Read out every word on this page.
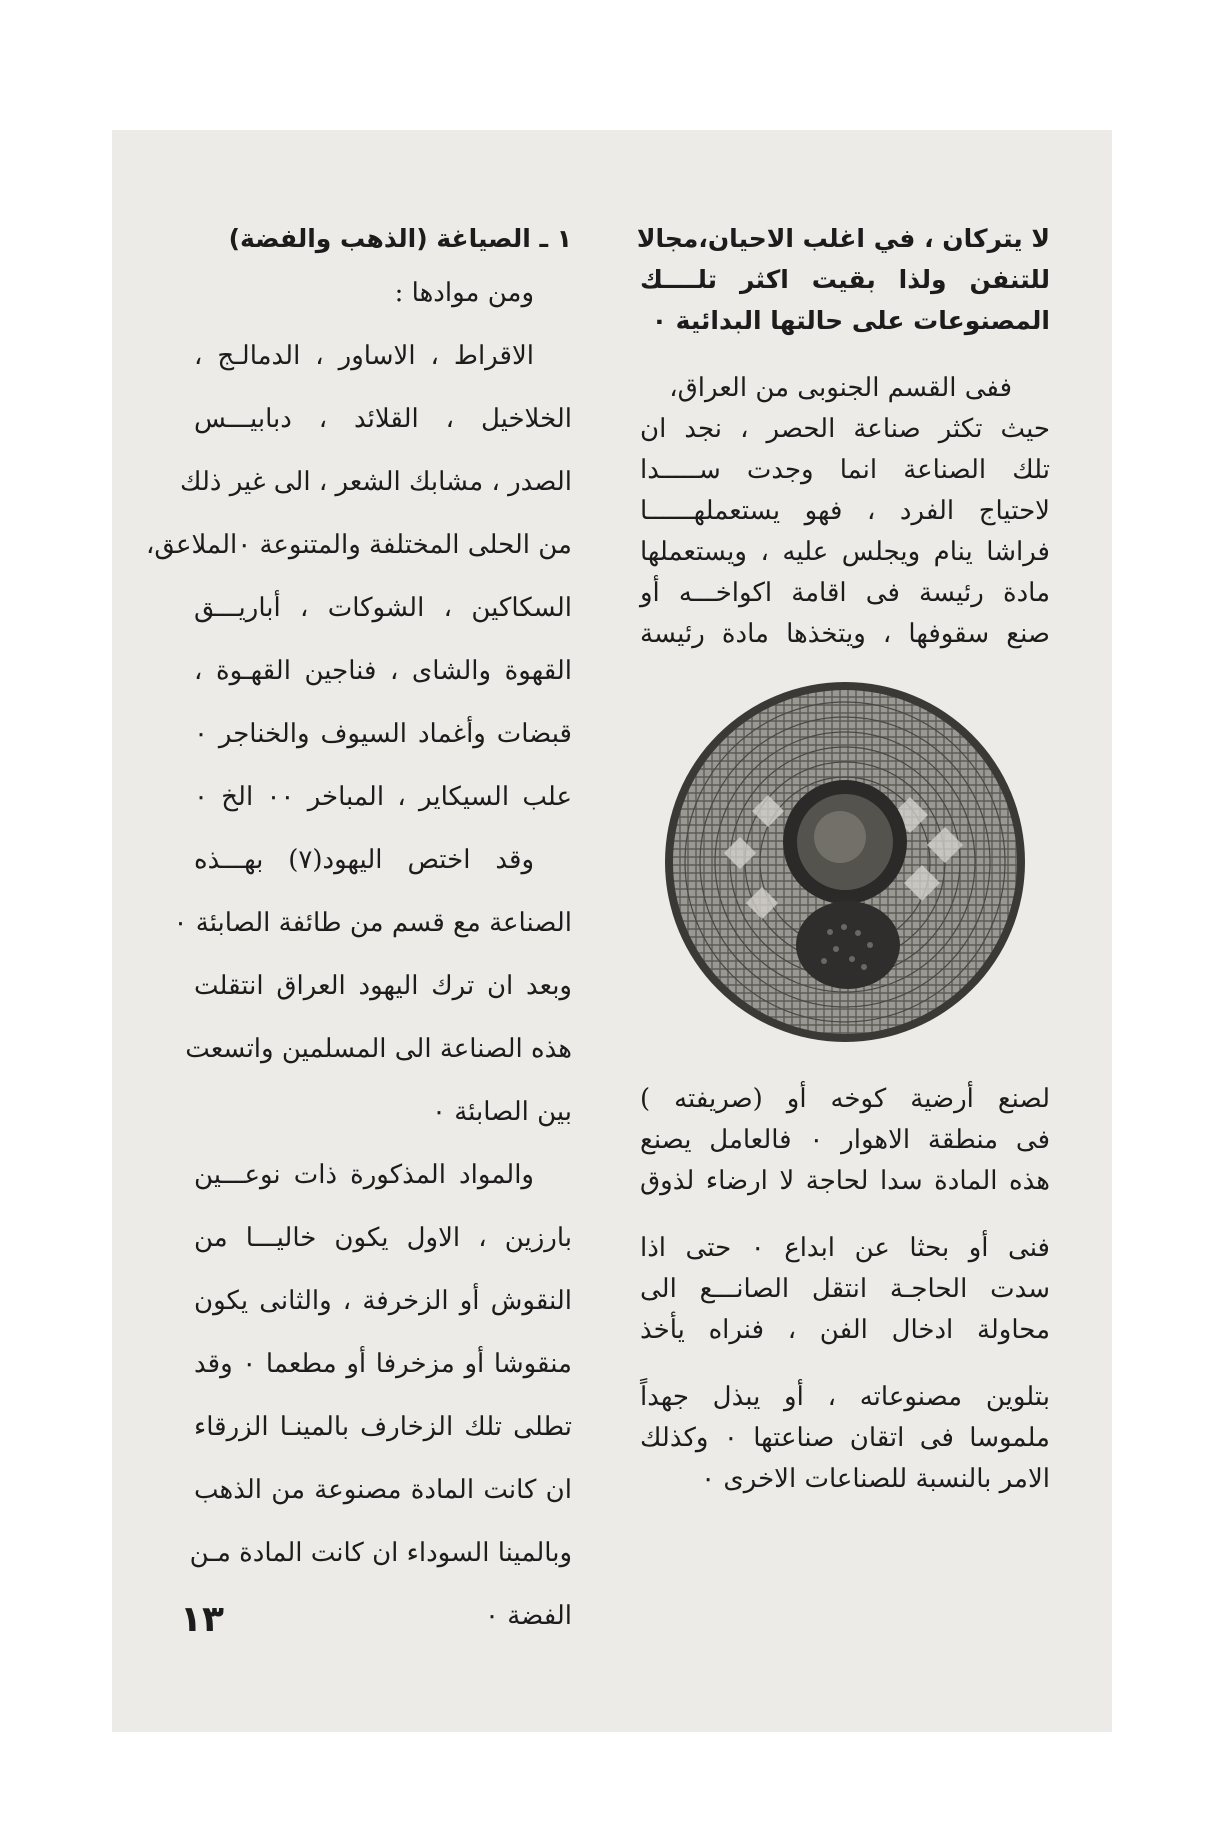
لا يتركان ، في اغلب الاحيان،مجالا
للتنفن ولذا بقيت اكثر تلــــك
المصنوعات على حالتها البدائية ٠
ففى القسم الجنوبى من العراق،
حيث تكثر صناعة الحصر ، نجد ان
تلك الصناعة انما وجدت ســـــدا
لاحتياج الفرد ، فهو يستعملهــــــا
فراشا ينام ويجلس عليه ، ويستعملها
مادة رئيسة فى اقامة اكواخـــه أو
صنع سقوفها ، ويتخذها مادة رئيسة
لصنع أرضية كوخه أو (صريفته )
فى منطقة الاهوار ٠ فالعامل يصنع
هذه المادة سدا لحاجة لا ارضاء لذوق
فنى أو بحثا عن ابداع ٠ حتى اذا
سدت الحاجـة انتقل الصانـــع الى
محاولة ادخال الفن ، فنراه يأخذ
بتلوين مصنوعاته ، أو يبذل جهداً
ملموسا فى اتقان صناعتها ٠ وكذلك
الامر بالنسبة للصناعات الاخرى ٠
١ ـ الصياغة (الذهب والفضة)
ومن موادها :
الاقراط ، الاساور ، الدمالـج ،
الخلاخيل ، القلائد ، دبابيـــس
الصدر ، مشابك الشعر ، الى غير ذلك
من الحلى المختلفة والمتنوعة ٠الملاعق،
السكاكين ، الشوكات ، أباريـــق
القهوة والشاى ، فناجين القهـوة ،
قبضات وأغماد السيوف والخناجر ٠
علب السيكاير ، المباخر ٠٠ الخ ٠
وقد اختص اليهود(٧) بهـــذه
الصناعة مع قسم من طائفة الصابئة ٠
وبعد ان ترك اليهود العراق انتقلت
هذه الصناعة الى المسلمين واتسعت
بين الصابئة ٠
والمواد المذكورة ذات نوعـــين
بارزين ، الاول يكون خاليـــا من
النقوش أو الزخرفة ، والثانى يكون
منقوشا أو مزخرفا أو مطعما ٠ وقد
تطلى تلك الزخارف بالمينـا الزرقاء
ان كانت المادة مصنوعة من الذهب
وبالمينا السوداء ان كانت المادة مـن
الفضة ٠
١٣
